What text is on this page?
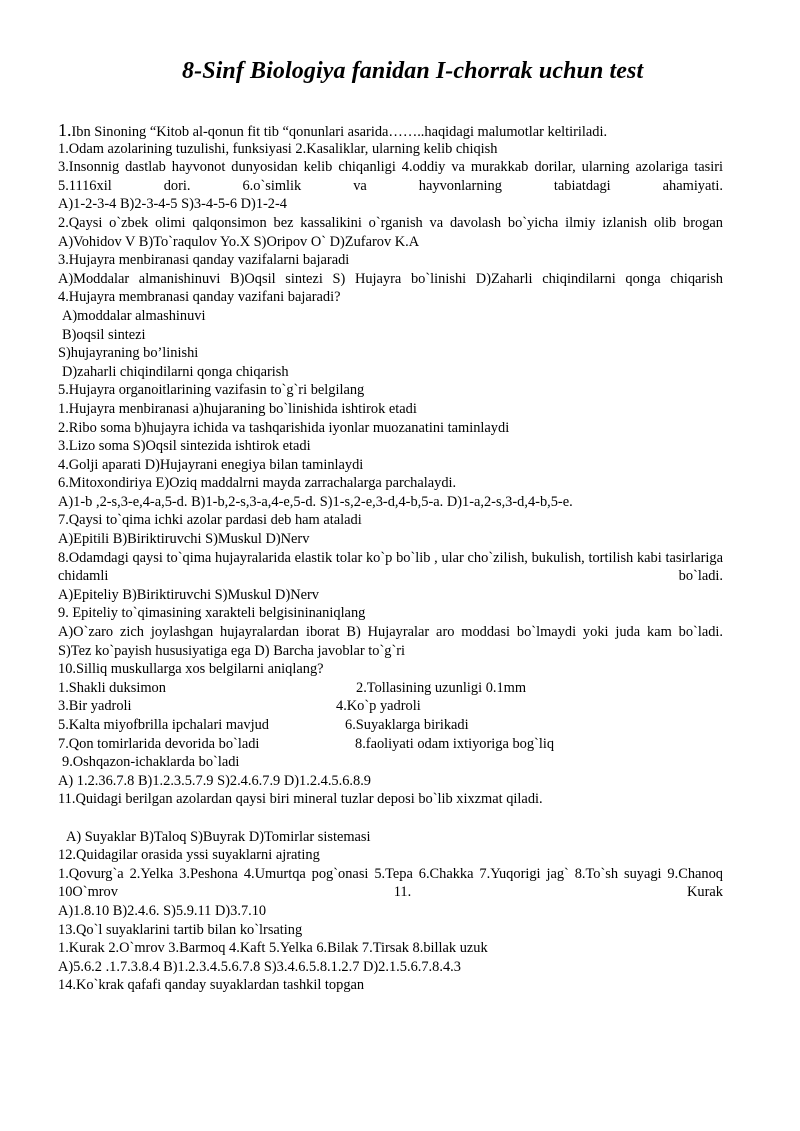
8-Sinf Biologiya fanidan I-chorrak uchun test
1.Ibn Sinoning “Kitob al-qonun fit tib “qonunlari asarida……..haqidagi malumotlar keltiriladi.
1.Odam azolarining tuzulishi, funksiyasi 2.Kasaliklar, ularning kelib chiqish
3.Insonnig dastlab hayvonot dunyosidan kelib chiqanligi 4.oddiy va murakkab dorilar, ularning azolariga tasiri 5.1116xil dori. 6.o`simlik va hayvonlarning tabiatdagi ahamiyati.
A)1-2-3-4 B)2-3-4-5 S)3-4-5-6 D)1-2-4
2.Qaysi o`zbek olimi qalqonsimon bez kassalikini o`rganish va davolash bo`yicha ilmiy izlanish olib brogan
A)Vohidov V B)To`raqulov Yo.X S)Oripov O` D)Zufarov K.A
3.Hujayra menbiranasi qanday vazifalarni bajaradi
A)Moddalar almanishinuvi B)Oqsil sintezi S) Hujayra bo`linishi D)Zaharli chiqindilarni qonga chiqarish
4.Hujayra membranasi qanday vazifani bajaradi?
A)moddalar almashinuvi
B)oqsil sintezi
S)hujayraning bo’linishi
D)zaharli chiqindilarni qonga chiqarish
5.Hujayra organoitlarining vazifasin to`g`ri belgilang
1.Hujayra menbiranasi a)hujaraning bo`linishida ishtirok etadi
2.Ribo soma b)hujayra ichida va tashqarishida iyonlar muozanatini taminlaydi
3.Lizo soma S)Oqsil sintezida ishtirok etadi
4.Golji aparati D)Hujayrani enegiya bilan taminlaydi
6.Mitoxondiriya E)Oziq maddalrni mayda zarrachalarga parchalaydi.
A)1-b ,2-s,3-e,4-a,5-d. B)1-b,2-s,3-a,4-e,5-d. S)1-s,2-e,3-d,4-b,5-a. D)1-a,2-s,3-d,4-b,5-e.
7.Qaysi to`qima ichki azolar pardasi deb ham ataladi
A)Epitili B)Biriktiruvchi S)Muskul D)Nerv
8.Odamdagi qaysi to`qima hujayralarida elastik tolar ko`p bo`lib , ular cho`zilish, bukulish, tortilish kabi tasirlariga chidamli bo`ladi.
A)Epiteliy B)Biriktiruvchi S)Muskul D)Nerv
9. Epiteliy to`qimasining xarakteli belgisininaniqlang
A)O`zaro zich joylashgan hujayralardan iborat B) Hujayralar aro moddasi bo`lmaydi yoki juda kam bo`ladi.
S)Tez ko`payish hususiyatiga ega D) Barcha javoblar to`g`ri
10.Silliq muskullarga xos belgilarni aniqlang?
1.Shakli duksimon	2.Tollasining uzunligi 0.1mm
3.Bir yadroli	4.Ko`p yadroli
5.Kalta miyofbrilla ipchalari mavjud	6.Suyaklarga birikadi
7.Qon tomirlarida devorida bo`ladi	8.faoliyati odam ixtiyoriga bog`liq
9.Oshqazon-ichaklarda bo`ladi
A) 1.2.36.7.8 B)1.2.3.5.7.9 S)2.4.6.7.9 D)1.2.4.5.6.8.9
11.Quidagi berilgan azolardan qaysi biri mineral tuzlar deposi bo`lib xixzmat qiladi.
A) Suyaklar B)Taloq S)Buyrak D)Tomirlar sistemasi
12.Quidagilar orasida yssi suyaklarni ajrating
1.Qovurg`a 2.Yelka 3.Peshona 4.Umurtqa pog`onasi 5.Tepa 6.Chakka 7.Yuqorigi jag` 8.To`sh suyagi 9.Chanoq 10O`mrov 11. Kurak
A)1.8.10 B)2.4.6. S)5.9.11 D)3.7.10
13.Qo`l suyaklarini tartib bilan ko`lrsating
1.Kurak 2.O`mrov 3.Barmoq 4.Kaft 5.Yelka 6.Bilak 7.Tirsak 8.billak uzuk
A)5.6.2 .1.7.3.8.4 B)1.2.3.4.5.6.7.8 S)3.4.6.5.8.1.2.7 D)2.1.5.6.7.8.4.3
14.Ko`krak qafafi qanday suyaklardan tashkil topgan
